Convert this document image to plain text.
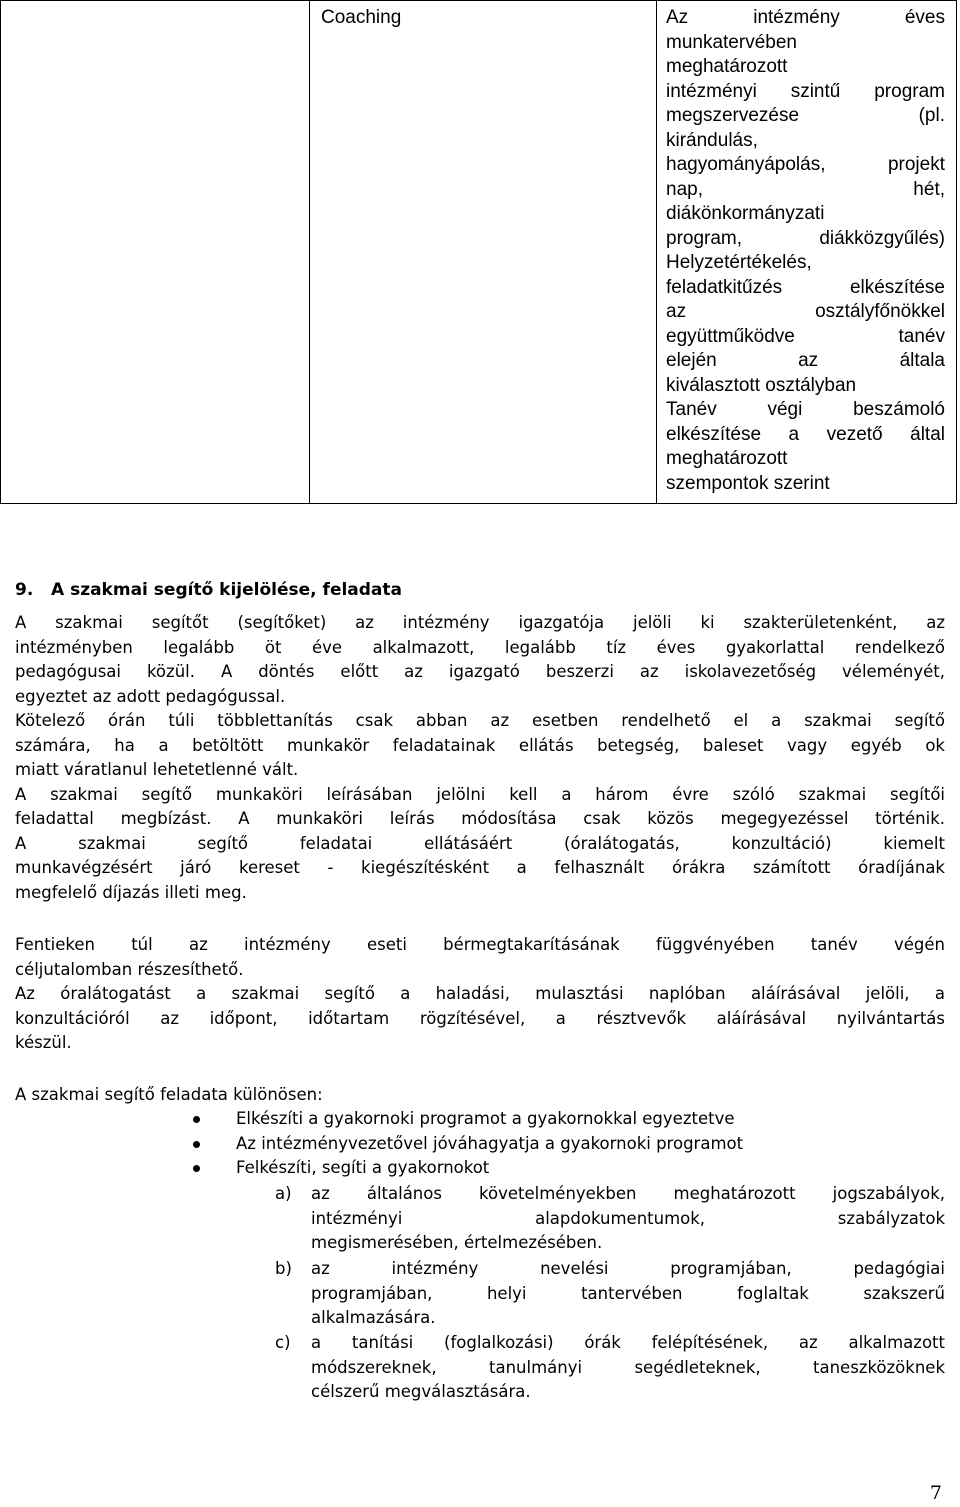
Coaching	Az intézmény éves
munkatervében
meghatározott
intézményi szintű program
megszervezése (pl.
kirándulás,
hagyományápolás, projekt
nap, hét,
diákönkormányzati
program, diákközgyűlés)
Helyzetértékelés,
feladatkitűzés elkészítése
az osztályfőnökkel
együttműködve tanév
elején az általa
kiválasztott osztályban
Tanév végi beszámoló
elkészítése a vezető által
meghatározott
szempontok szerint
9. A szakmai segítő kijelölése, feladata
A szakmai segítőt (segítőket) az intézmény igazgatója jelöli ki szakterületenként, az
intézményben legalább öt éve alkalmazott, legalább tíz éves gyakorlattal rendelkező
pedagógusai közül. A döntés előtt az igazgató beszerzi az iskolavezetőség véleményét,
egyeztet az adott pedagógussal.
Kötelező órán túli többlettanítás csak abban az esetben rendelhető el a szakmai segítő
számára, ha a betöltött munkakör feladatainak ellátás betegség, baleset vagy egyéb ok
miatt váratlanul lehetetlenné vált.
A szakmai segítő munkaköri leírásában jelölni kell a három évre szóló szakmai segítői
feladattal megbízást. A munkaköri leírás módosítása csak közös megegyezéssel történik.
A szakmai segítő feladatai ellátásáért (óralátogatás, konzultáció) kiemelt
munkavégzésért járó kereset - kiegészítésként a felhasznált órákra számított óradíjának
megfelelő díjazás illeti meg.
Fentieken túl az intézmény eseti bérmegtakarításának függvényében tanév végén
céljutalomban részesíthető.
Az óralátogatást a szakmai segítő a haladási, mulasztási naplóban aláírásával jelöli, a
konzultációról az időpont, időtartam rögzítésével, a résztvevők aláírásával nyilvántartás
készül.
A szakmai segítő feladata különösen:
Elkészíti a gyakornoki programot a gyakornokkal egyeztetve
Az intézményvezetővel jóváhagyatja a gyakornoki programot
Felkészíti, segíti a gyakornokot
a) az általános követelményekben meghatározott jogszabályok,
intézményi alapdokumentumok, szabályzatok
megismerésében, értelmezésében.
b) az intézmény nevelési programjában, pedagógiai
programjában, helyi tantervében foglaltak szakszerű
alkalmazására.
c) a tanítási (foglalkozási) órák felépítésének, az alkalmazott
módszereknek, tanulmányi segédleteknek, taneszközöknek
célszerű megválasztására.
7
